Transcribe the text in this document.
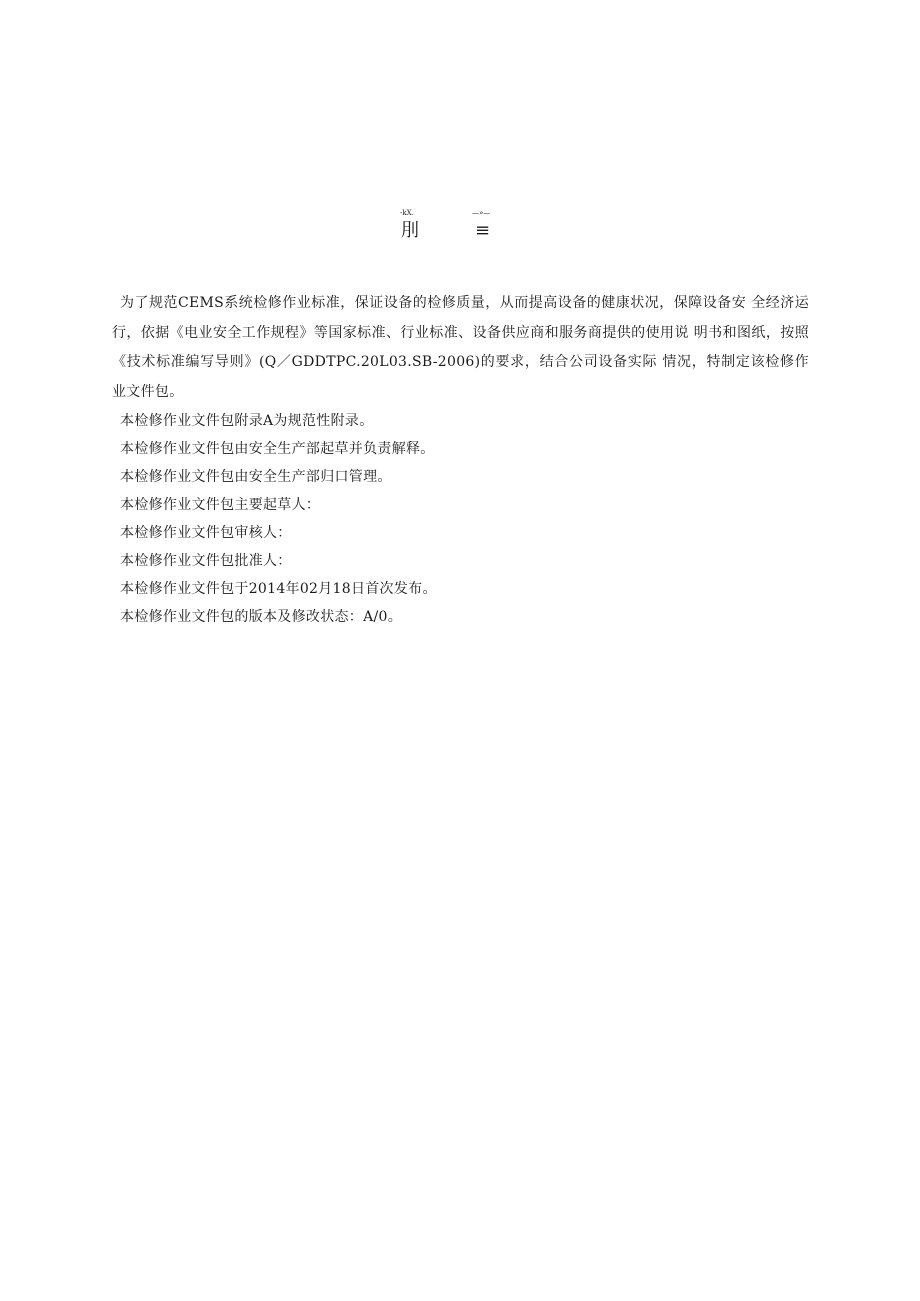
-kX.
刖
—»—
≡

为了规范CEMS系统检修作业标准，保证设备的检修质量，从而提高设备的健康状况，保障设备安 全经济运行，依据《电业安全工作规程》等国家标准、行业标准、设备供应商和服务商提供的使用说 明书和图纸，按照《技术标准编写导则》(Q／GDDTPC.20L03.SB-2006)的要求，结合公司设备实际 情况，特制定该检修作业文件包。

本检修作业文件包附录A为规范性附录。

本检修作业文件包由安全生产部起草并负责解释。

本检修作业文件包由安全生产部归口管理。

本检修作业文件包主要起草人：

本检修作业文件包审核人：

本检修作业文件包批准人：

本检修作业文件包于2014年02月18日首次发布。

本检修作业文件包的版本及修改状态：A/0。
